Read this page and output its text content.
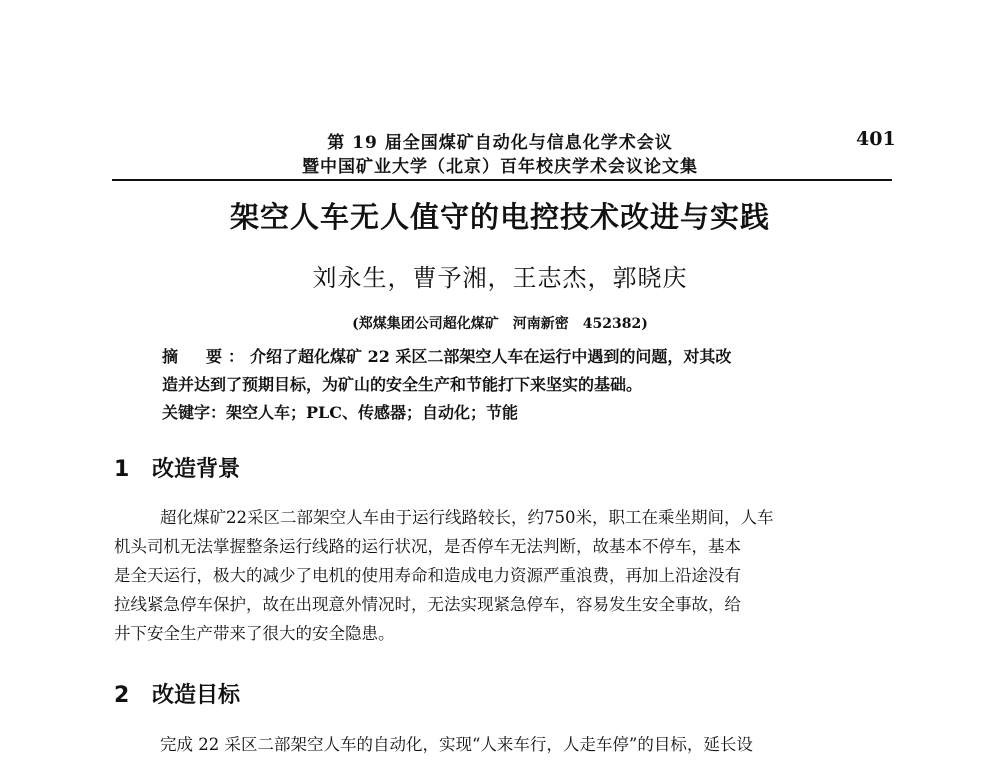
第 19 届全国煤矿自动化与信息化学术会议
暨中国矿业大学（北京）百年校庆学术会议论文集
401
架空人车无人值守的电控技术改进与实践
刘永生，曹予湘，王志杰，郭晓庆
(郑煤集团公司超化煤矿　河南新密　452382)

摘　要：介绍了超化煤矿 22 采区二部架空人车在运行中遇到的问题，对其改

造并达到了预期目标，为矿山的安全生产和节能打下来坚实的基础。

关键字：架空人车；PLC、传感器；自动化；节能

1 改造背景

超化煤矿22采区二部架空人车由于运行线路较长，约750米，职工在乘坐期间，人车

机头司机无法掌握整条运行线路的运行状况，是否停车无法判断，故基本不停车，基本

是全天运行，极大的减少了电机的使用寿命和造成电力资源严重浪费，再加上沿途没有

拉线紧急停车保护，故在出现意外情况时，无法实现紧急停车，容易发生安全事故，给

井下安全生产带来了很大的安全隐患。

2 改造目标

完成 22 采区二部架空人车的自动化，实现“人来车行，人走车停”的目标，延长设
